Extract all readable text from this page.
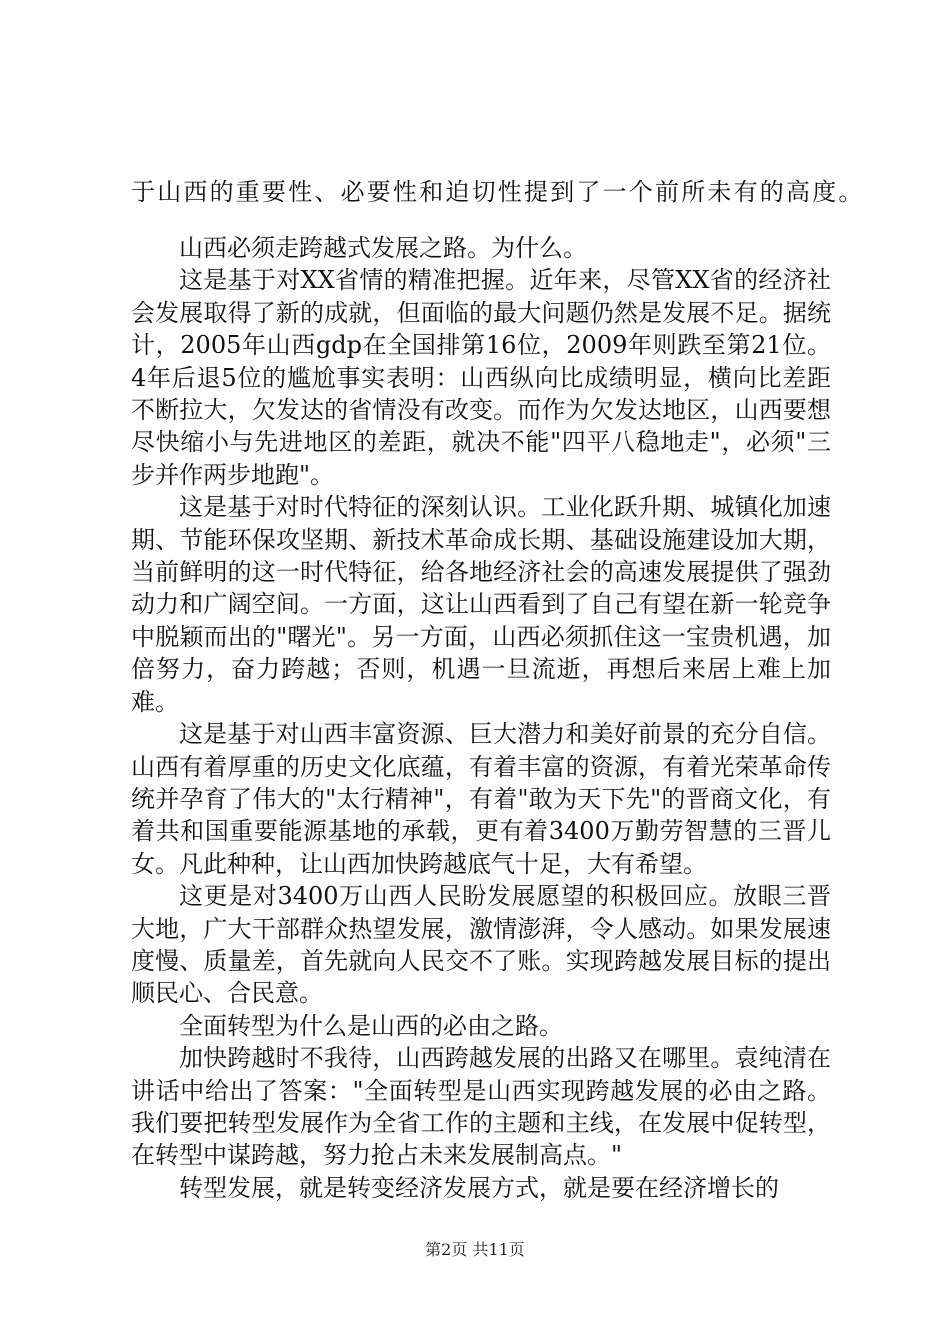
于山西的重要性、必要性和迫切性提到了一个前所未有的高度。

山西必须走跨越式发展之路。为什么。

这是基于对XX省情的精准把握。近年来，尽管XX省的经济社会发展取得了新的成就，但面临的最大问题仍然是发展不足。据统计，2005年山西gdp在全国排第16位，2009年则跌至第21位。4年后退5位的尴尬事实表明：山西纵向比成绩明显，横向比差距不断拉大，欠发达的省情没有改变。而作为欠发达地区，山西要想尽快缩小与先进地区的差距，就决不能"四平八稳地走"，必须"三步并作两步地跑"。

这是基于对时代特征的深刻认识。工业化跃升期、城镇化加速期、节能环保攻坚期、新技术革命成长期、基础设施建设加大期，当前鲜明的这一时代特征，给各地经济社会的高速发展提供了强劲动力和广阔空间。一方面，这让山西看到了自己有望在新一轮竞争中脱颖而出的"曙光"。另一方面，山西必须抓住这一宝贵机遇，加倍努力，奋力跨越；否则，机遇一旦流逝，再想后来居上难上加难。

这是基于对山西丰富资源、巨大潜力和美好前景的充分自信。山西有着厚重的历史文化底蕴，有着丰富的资源，有着光荣革命传统并孕育了伟大的"太行精神"，有着"敢为天下先"的晋商文化，有着共和国重要能源基地的承载，更有着3400万勤劳智慧的三晋儿女。凡此种种，让山西加快跨越底气十足，大有希望。

这更是对3400万山西人民盼发展愿望的积极回应。放眼三晋大地，广大干部群众热望发展，激情澎湃，令人感动。如果发展速度慢、质量差，首先就向人民交不了账。实现跨越发展目标的提出顺民心、合民意。

全面转型为什么是山西的必由之路。

加快跨越时不我待，山西跨越发展的出路又在哪里。袁纯清在讲话中给出了答案："全面转型是山西实现跨越发展的必由之路。我们要把转型发展作为全省工作的主题和主线，在发展中促转型，在转型中谋跨越，努力抢占未来发展制高点。"

转型发展，就是转变经济发展方式，就是要在经济增长的

第2页 共11页
